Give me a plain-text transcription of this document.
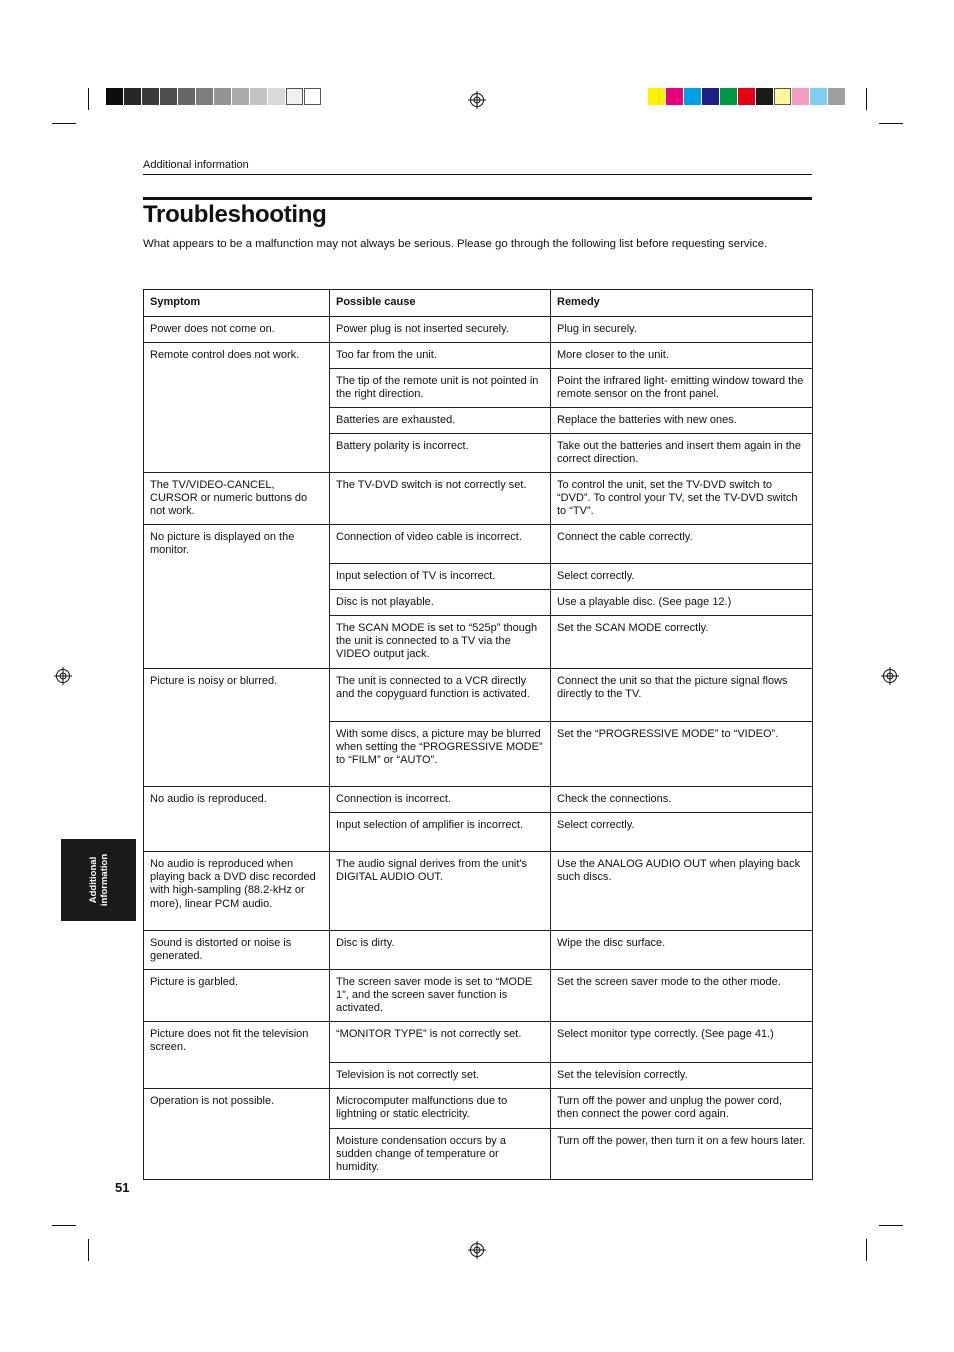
Additional information
Troubleshooting

What appears to be a malfunction may not always be serious. Please go through the following list before requesting service.

Symptom	Possible cause	Remedy
Power does not come on.	Power plug is not inserted securely.	Plug in securely.
Remote control does not work.	Too far from the unit.	More closer to the unit.
	The tip of the remote unit is not pointed in the right direction.	Point the infrared light- emitting window toward the remote sensor on the front panel.
	Batteries are exhausted.	Replace the batteries with new ones.
	Battery polarity is incorrect.	Take out the batteries and insert them again in the correct direction.
The TV/VIDEO-CANCEL, CURSOR or numeric buttons do not work.	The TV-DVD switch is not correctly set.	To control the unit, set the TV-DVD switch to “DVD”. To control your TV, set the TV-DVD switch to “TV”.
No picture is displayed on the monitor.	Connection of video cable is incorrect.	Connect the cable correctly.
	Input selection of TV is incorrect.	Select correctly.
	Disc is not playable.	Use a playable disc. (See page 12.)
	The SCAN MODE is set to “525p” though the unit is connected to a TV via the VIDEO output jack.	Set the SCAN MODE correctly.
Picture is noisy or blurred.	The unit is connected to a VCR directly and the copyguard function is activated.	Connect the unit so that the picture signal flows directly to the TV.
	With some discs, a picture may be blurred when setting the “PROGRESSIVE MODE” to “FILM” or “AUTO”.	Set the “PROGRESSIVE MODE” to “VIDEO”.
No audio is reproduced.	Connection is incorrect.	Check the connections.
	Input selection of amplifier is incorrect.	Select correctly.
No audio is reproduced when playing back a DVD disc recorded with high-sampling (88.2-kHz or more), linear PCM audio.	The audio signal derives from the unit's DIGITAL AUDIO OUT.	Use the ANALOG AUDIO OUT when playing back such discs.
Sound is distorted or noise is generated.	Disc is dirty.	Wipe the disc surface.
Picture is garbled.	The screen saver mode is set to “MODE 1”, and the screen saver function is activated.	Set the screen saver mode to the other mode.
Picture does not fit the television screen.	“MONITOR TYPE” is not correctly set.	Select monitor type correctly. (See page 41.)
	Television is not correctly set.	Set the television correctly.
Operation is not possible.	Microcomputer malfunctions due to lightning or static electricity.	Turn off the power and unplug the power cord, then connect the power cord again.
	Moisture condensation occurs by a sudden change of temperature or humidity.	Turn off the power, then turn it on a few hours later.
Additional
information
51
